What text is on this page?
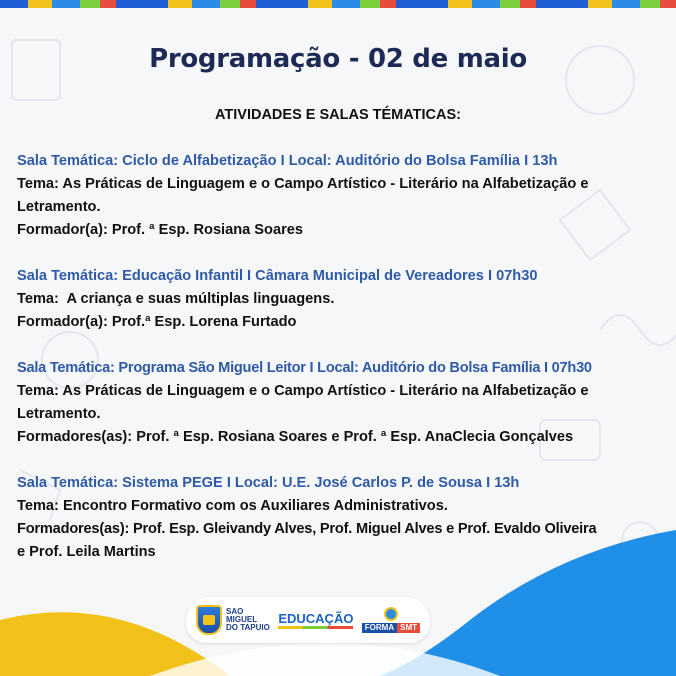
Programação - 02 de maio
ATIVIDADES E SALAS TÉMATICAS:

Sala Temática: Ciclo de Alfabetização I Local: Auditório do Bolsa Família I 13h

Tema: As Práticas de Linguagem e o Campo Artístico - Literário na Alfabetização e

Letramento.

Formador(a): Prof. ª Esp. Rosiana Soares

Sala Temática: Educação Infantil I Câmara Municipal de Vereadores I 07h30

Tema:  A criança e suas múltiplas linguagens.

Formador(a): Prof.ª Esp. Lorena Furtado

Sala Temática: Programa São Miguel Leitor I Local: Auditório do Bolsa Família I 07h30

Tema: As Práticas de Linguagem e o Campo Artístico - Literário na Alfabetização e

Letramento.

Formadores(as): Prof. ª Esp. Rosiana Soares e Prof. ª Esp. AnaClecia Gonçalves

Sala Temática: Sistema PEGE I Local: U.E. José Carlos P. de Sousa I 13h

Tema: Encontro Formativo com os Auxiliares Administrativos.

Formadores(as): Prof. Esp. Gleivandy Alves, Prof. Miguel Alves e Prof. Evaldo Oliveira

e Prof. Leila Martins

SAO MIGUEL
DO TAPUIO
EDUCAÇÃO
FORMA SMT
